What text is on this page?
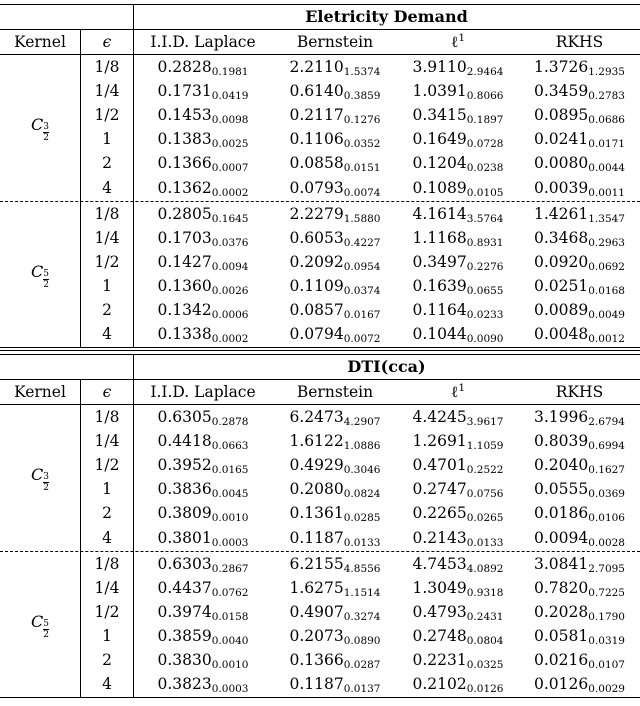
Eletricity Demand
Kernel	ϵ	I.I.D. Laplace	Bernstein	ℓ$^1$	RKHS
1/8	$0.2828_{0.1981}$	$2.2110_{1.5374}$	$3.9110_{2.9464}$	$1.3726_{1.2935}$
1/4	$0.1731_{0.0419}$	$0.6140_{0.3859}$	$1.0391_{0.8066}$	$0.3459_{0.2783}$
1/2	$0.1453_{0.0098}$	$0.2117_{0.1276}$	$0.3415_{0.1897}$	$0.0895_{0.0686}$
1	$0.1383_{0.0025}$	$0.1106_{0.0352}$	$0.1649_{0.0728}$	$0.0241_{0.0171}$
2	$0.1366_{0.0007}$	$0.0858_{0.0151}$	$0.1204_{0.0238}$	$0.0080_{0.0044}$
4	$0.1362_{0.0002}$	$0.0793_{0.0074}$	$0.1089_{0.0105}$	$0.0039_{0.0011}$
C $\frac{3}{2}$
1/8	$0.2805_{0.1645}$	$2.2279_{1.5880}$	$4.1614_{3.5764}$	$1.4261_{1.3547}$
1/4	$0.1703_{0.0376}$	$0.6053_{0.4227}$	$1.1168_{0.8931}$	$0.3468_{0.2963}$
1/2	$0.1427_{0.0094}$	$0.2092_{0.0954}$	$0.3497_{0.2276}$	$0.0920_{0.0692}$
1	$0.1360_{0.0026}$	$0.1109_{0.0374}$	$0.1639_{0.0655}$	$0.0251_{0.0168}$
2	$0.1342_{0.0006}$	$0.0857_{0.0167}$	$0.1164_{0.0233}$	$0.0089_{0.0049}$
4	$0.1338_{0.0002}$	$0.0794_{0.0072}$	$0.1044_{0.0090}$	$0.0048_{0.0012}$
C $\frac{5}{2}$
DTI(cca)
Kernel	ϵ	I.I.D. Laplace	Bernstein	ℓ$^1$	RKHS
1/8	$0.6305_{0.2878}$	$6.2473_{4.2907}$	$4.4245_{3.9617}$	$3.1996_{2.6794}$
1/4	$0.4418_{0.0663}$	$1.6122_{1.0886}$	$1.2691_{1.1059}$	$0.8039_{0.6994}$
1/2	$0.3952_{0.0165}$	$0.4929_{0.3046}$	$0.4701_{0.2522}$	$0.2040_{0.1627}$
1	$0.3836_{0.0045}$	$0.2080_{0.0824}$	$0.2747_{0.0756}$	$0.0555_{0.0369}$
2	$0.3809_{0.0010}$	$0.1361_{0.0285}$	$0.2265_{0.0265}$	$0.0186_{0.0106}$
4	$0.3801_{0.0003}$	$0.1187_{0.0133}$	$0.2143_{0.0133}$	$0.0094_{0.0028}$
C $\frac{3}{2}$
1/8	$0.6303_{0.2867}$	$6.2155_{4.8556}$	$4.7453_{4.0892}$	$3.0841_{2.7095}$
1/4	$0.4437_{0.0762}$	$1.6275_{1.1514}$	$1.3049_{0.9318}$	$0.7820_{0.7225}$
1/2	$0.3974_{0.0158}$	$0.4907_{0.3274}$	$0.4793_{0.2431}$	$0.2028_{0.1790}$
1	$0.3859_{0.0040}$	$0.2073_{0.0890}$	$0.2748_{0.0804}$	$0.0581_{0.0319}$
2	$0.3830_{0.0010}$	$0.1366_{0.0287}$	$0.2231_{0.0325}$	$0.0216_{0.0107}$
4	$0.3823_{0.0003}$	$0.1187_{0.0137}$	$0.2102_{0.0126}$	$0.0126_{0.0029}$
C $\frac{5}{2}$
